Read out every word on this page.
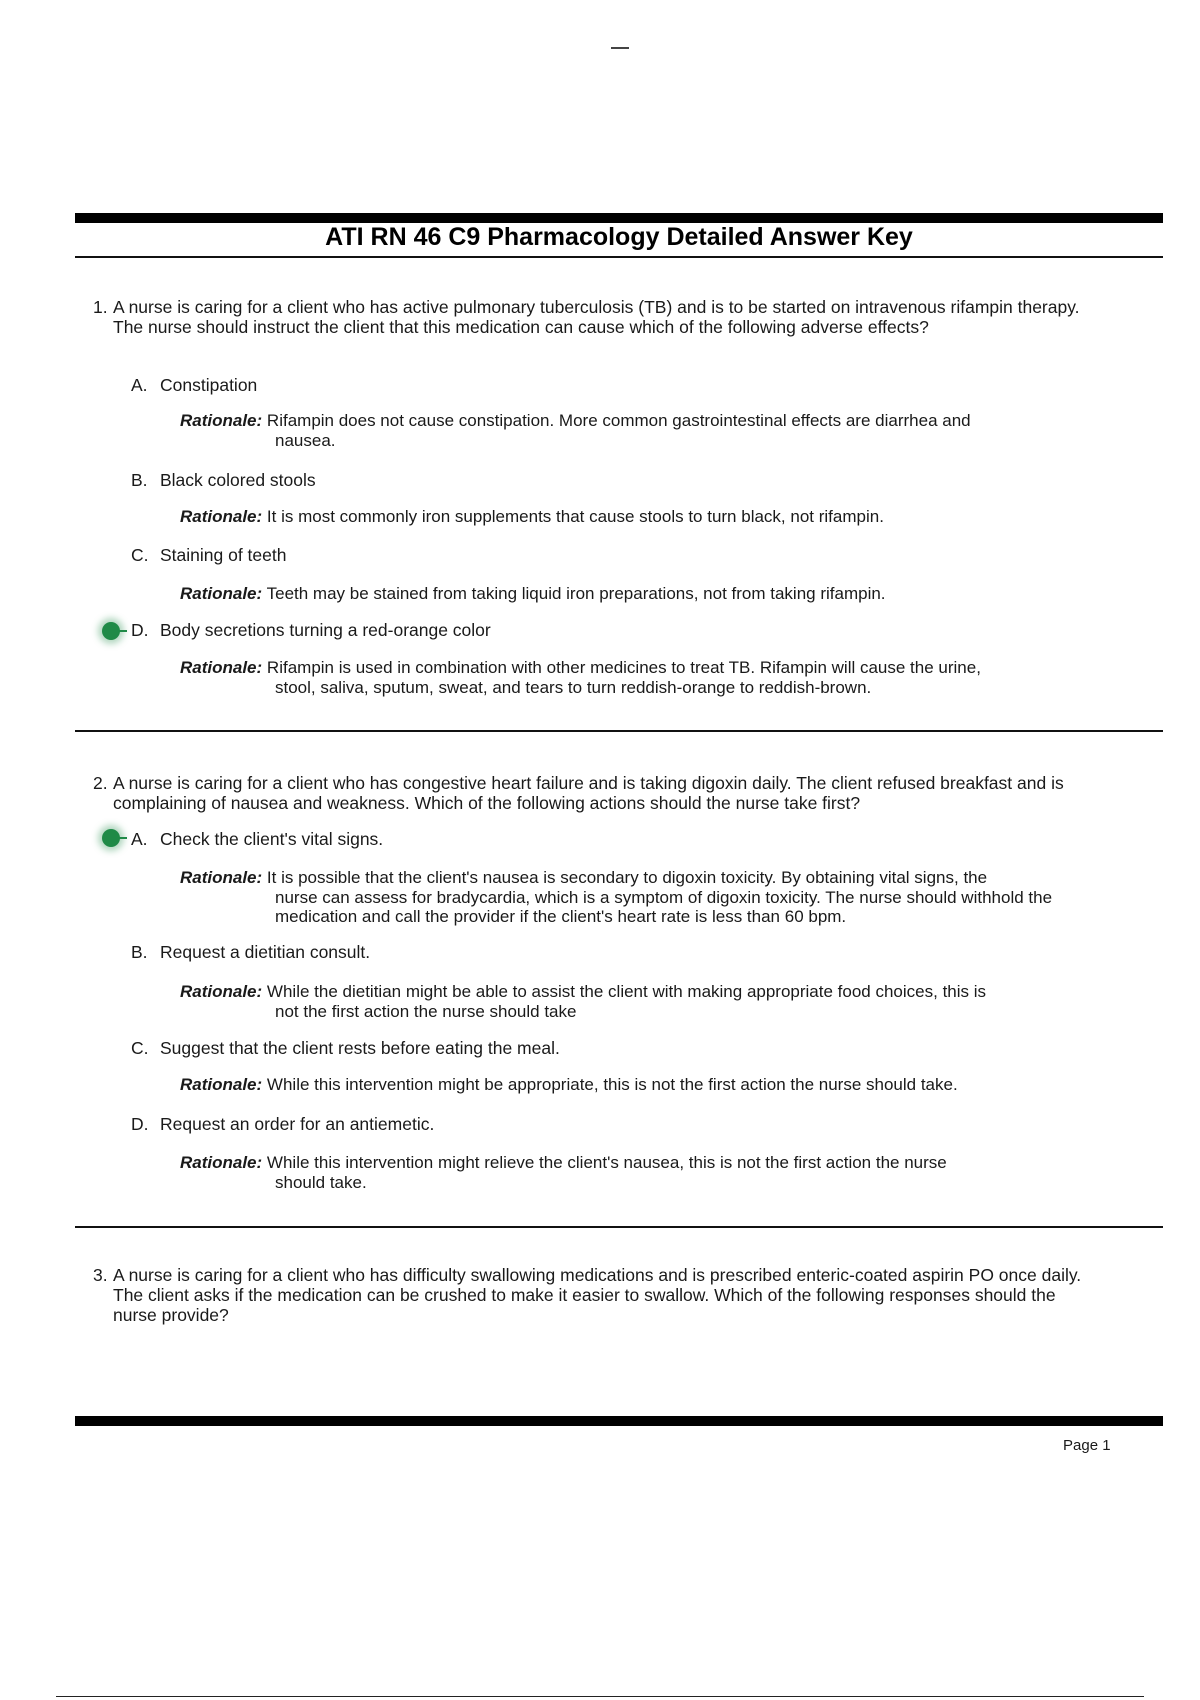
ATI RN 46 C9 Pharmacology Detailed Answer Key
1. A nurse is caring for a client who has active pulmonary tuberculosis (TB) and is to be started on intravenous rifampin therapy. The nurse should instruct the client that this medication can cause which of the following adverse effects?
A. Constipation
Rationale: Rifampin does not cause constipation. More common gastrointestinal effects are diarrhea and
nausea.
B. Black colored stools
Rationale: It is most commonly iron supplements that cause stools to turn black, not rifampin.
C. Staining of teeth
Rationale: Teeth may be stained from taking liquid iron preparations, not from taking rifampin.
D. Body secretions turning a red-orange color
Rationale: Rifampin is used in combination with other medicines to treat TB. Rifampin will cause the urine,
stool, saliva, sputum, sweat, and tears to turn reddish-orange to reddish-brown.
2. A nurse is caring for a client who has congestive heart failure and is taking digoxin daily. The client refused breakfast and is complaining of nausea and weakness. Which of the following actions should the nurse take first?
A. Check the client's vital signs.
Rationale: It is possible that the client's nausea is secondary to digoxin toxicity. By obtaining vital signs, the
nurse can assess for bradycardia, which is a symptom of digoxin toxicity. The nurse should withhold the medication and call the provider if the client's heart rate is less than 60 bpm.
B. Request a dietitian consult.
Rationale: While the dietitian might be able to assist the client with making appropriate food choices, this is
not the first action the nurse should take
C. Suggest that the client rests before eating the meal.
Rationale: While this intervention might be appropriate, this is not the first action the nurse should take.
D. Request an order for an antiemetic.
Rationale: While this intervention might relieve the client's nausea, this is not the first action the nurse
should take.
3. A nurse is caring for a client who has difficulty swallowing medications and is prescribed enteric-coated aspirin PO once daily. The client asks if the medication can be crushed to make it easier to swallow. Which of the following responses should the nurse provide?
Page 1
